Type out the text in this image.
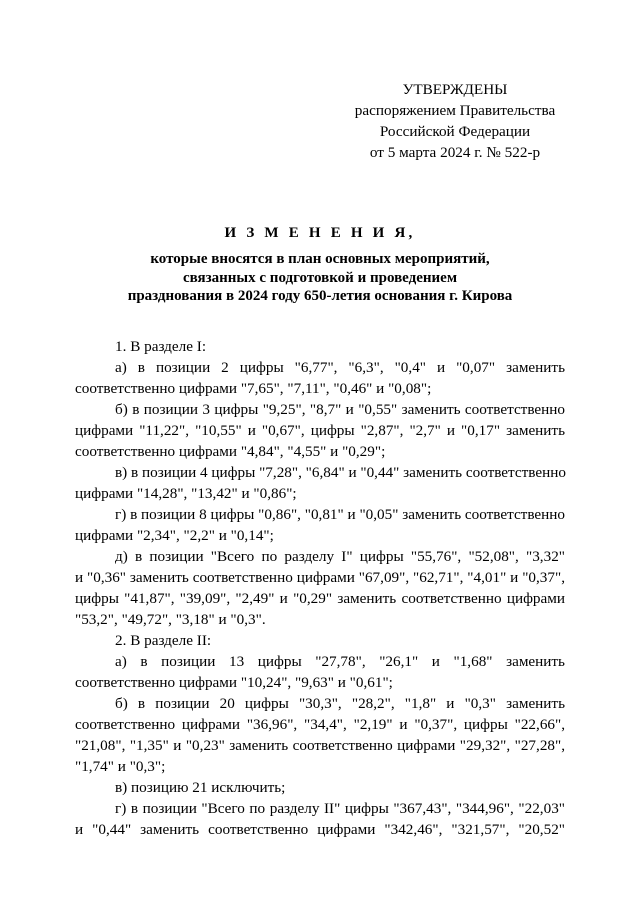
УТВЕРЖДЕНЫ
распоряжением Правительства
Российской Федерации
от 5 марта 2024 г. № 522-р
И З М Е Н Е Н И Я,
которые вносятся в план основных мероприятий,
связанных с подготовкой и проведением
празднования в 2024 году 650-летия основания г. Кирова
1. В разделе I:
а) в позиции 2 цифры "6,77", "6,3", "0,4" и "0,07" заменить
соответственно цифрами "7,65", "7,11", "0,46" и "0,08";
б) в позиции 3 цифры "9,25", "8,7" и "0,55" заменить соответственно
цифрами "11,22", "10,55" и "0,67", цифры "2,87", "2,7" и "0,17" заменить
соответственно цифрами "4,84", "4,55" и "0,29";
в) в позиции 4 цифры "7,28", "6,84" и "0,44" заменить соответственно
цифрами "14,28", "13,42" и "0,86";
г) в позиции 8 цифры "0,86", "0,81" и "0,05" заменить соответственно
цифрами "2,34", "2,2" и "0,14";
д) в позиции "Всего по разделу I" цифры "55,76", "52,08", "3,32"
и "0,36" заменить соответственно цифрами "67,09", "62,71", "4,01" и "0,37",
цифры "41,87", "39,09", "2,49" и "0,29" заменить соответственно цифрами
"53,2", "49,72", "3,18" и "0,3".
2. В разделе II:
а) в позиции 13 цифры "27,78", "26,1" и "1,68" заменить
соответственно цифрами "10,24", "9,63" и "0,61";
б) в позиции 20 цифры "30,3", "28,2", "1,8" и "0,3" заменить
соответственно цифрами "36,96", "34,4", "2,19" и "0,37", цифры "22,66",
"21,08", "1,35" и "0,23" заменить соответственно цифрами "29,32", "27,28",
"1,74" и "0,3";
в) позицию 21 исключить;
г) в позиции "Всего по разделу II" цифры "367,43", "344,96", "22,03"
и "0,44" заменить соответственно цифрами "342,46", "321,57", "20,52"
